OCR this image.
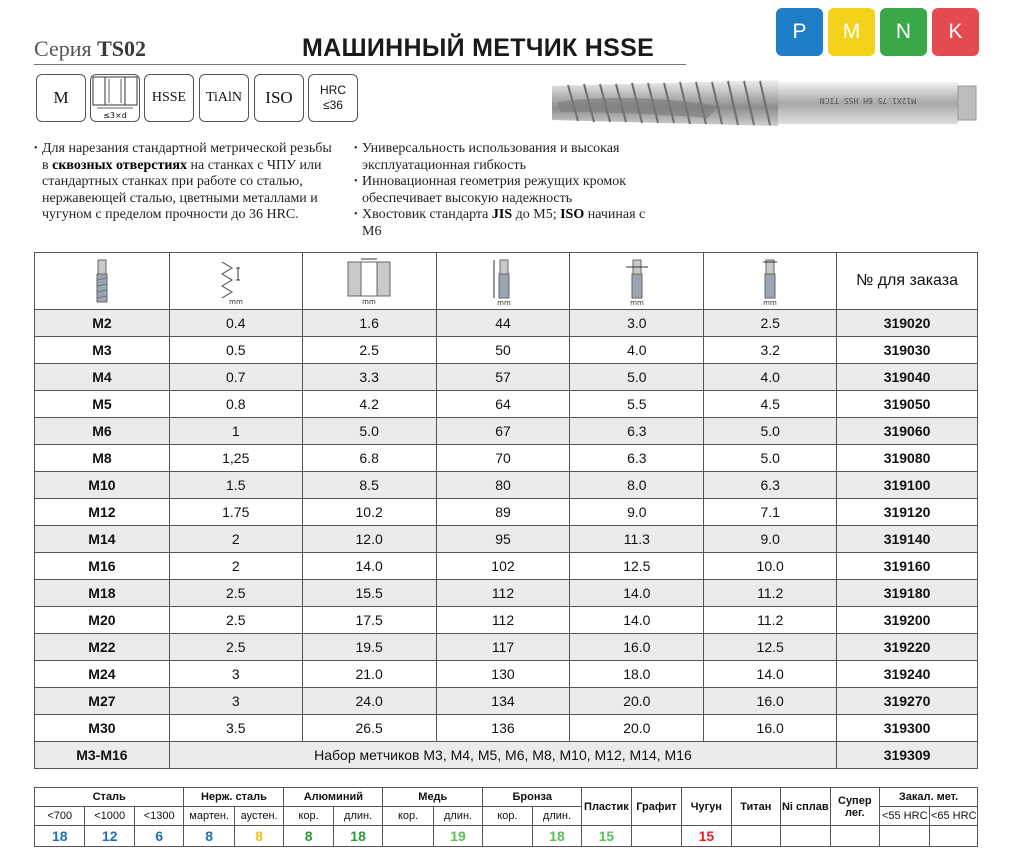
Серия TS02	МАШИННЫЙ МЕТЧИК HSSE
P	M	N	K
M
≤3×d
HSSE	TiAlN	ISO	HRC
≤36	M12X1.75 6H HSS TICN
• Для нарезания стандартной метрической резьбы в сквозных отверстиях на станках с ЧПУ или стандартных станках при работе со сталью, нержавеющей сталью, цветными металлами и чугуном с пределом прочности до 36 HRC.
• Универсальность использования и высокая эксплуатационная гибкость
• Инновационная геометрия режущих кромок обеспечивает высокую надежность
• Хвостовик стандарта JIS до M5; ISO начиная с M6

mm	mm	mm	mm	mm	№ для заказа
M2	0.4	1.6	44	3.0	2.5	319020
M3	0.5	2.5	50	4.0	3.2	319030
M4	0.7	3.3	57	5.0	4.0	319040
M5	0.8	4.2	64	5.5	4.5	319050
M6	1	5.0	67	6.3	5.0	319060
M8	1,25	6.8	70	6.3	5.0	319080
M10	1.5	8.5	80	8.0	6.3	319100
M12	1.75	10.2	89	9.0	7.1	319120
M14	2	12.0	95	11.3	9.0	319140
M16	2	14.0	102	12.5	10.0	319160
M18	2.5	15.5	112	14.0	11.2	319180
M20	2.5	17.5	112	14.0	11.2	319200
M22	2.5	19.5	117	16.0	12.5	319220
M24	3	21.0	130	18.0	14.0	319240
M27	3	24.0	134	20.0	16.0	319270
M30	3.5	26.5	136	20.0	16.0	319300
M3-M16	Набор метчиков M3, M4, M5, M6, M8, M10, M12, M14, M16					319309
Сталь			Нерж. сталь		Алюминий		Медь		Бронза		Пластик	Графит	Чугун	Титан	Ni сплав	Супер лег.	Закал. мет.	
<700	<1000	<1300	мартен.	аустен.	кор.	длин.	кор.	длин.	кор.	длин.							<55 HRC	<65 HRC
18	12	6	8	8	8	18		19		18	15		15					
